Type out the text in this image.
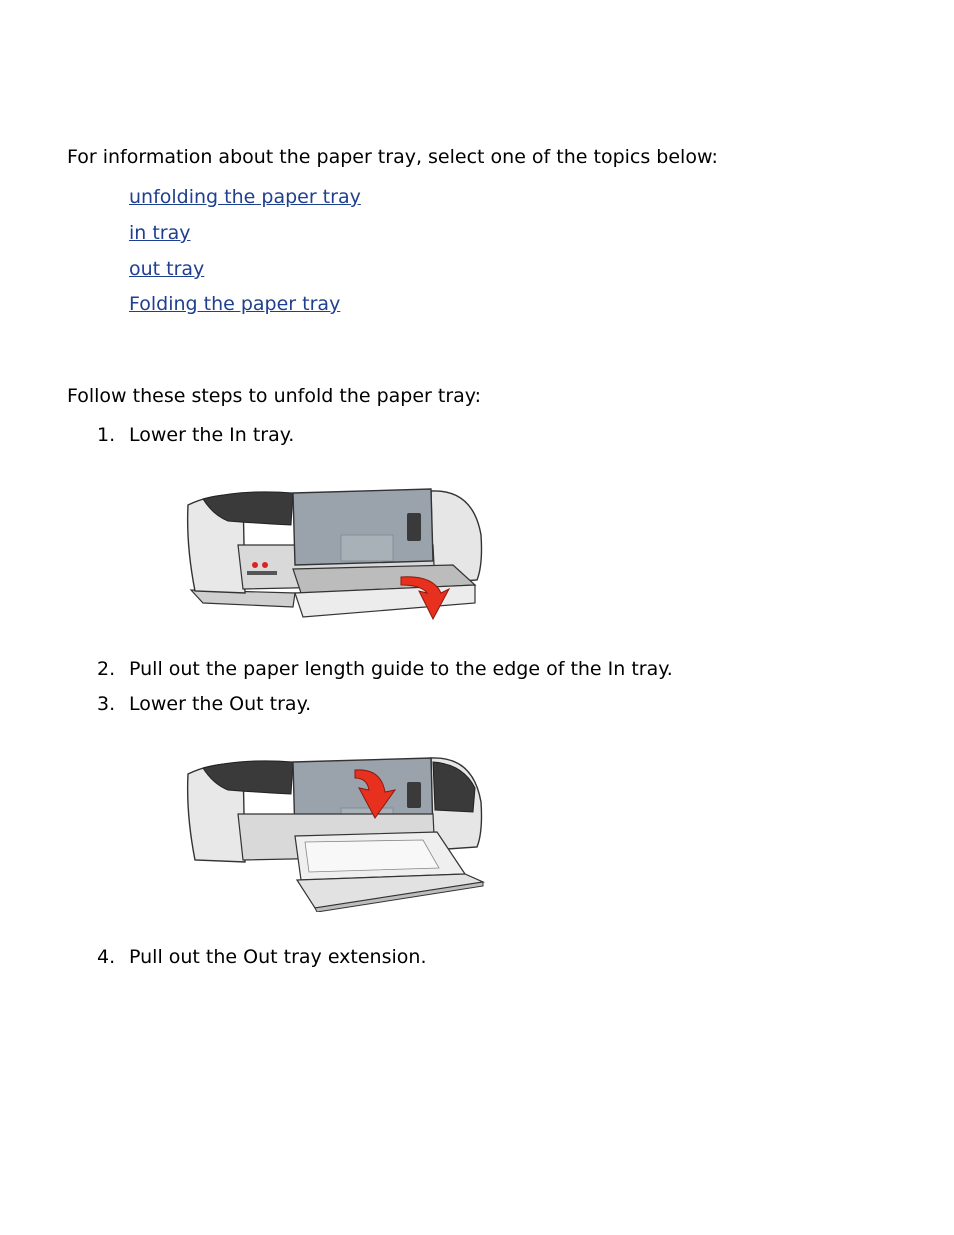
For information about the paper tray, select one of the topics below:

unfolding the paper tray
in tray
out tray
Folding the paper tray

Follow these steps to unfold the paper tray:

1. Lower the In tray.
2. Pull out the paper length guide to the edge of the In tray.
3. Lower the Out tray.
4. Pull out the Out tray extension.
